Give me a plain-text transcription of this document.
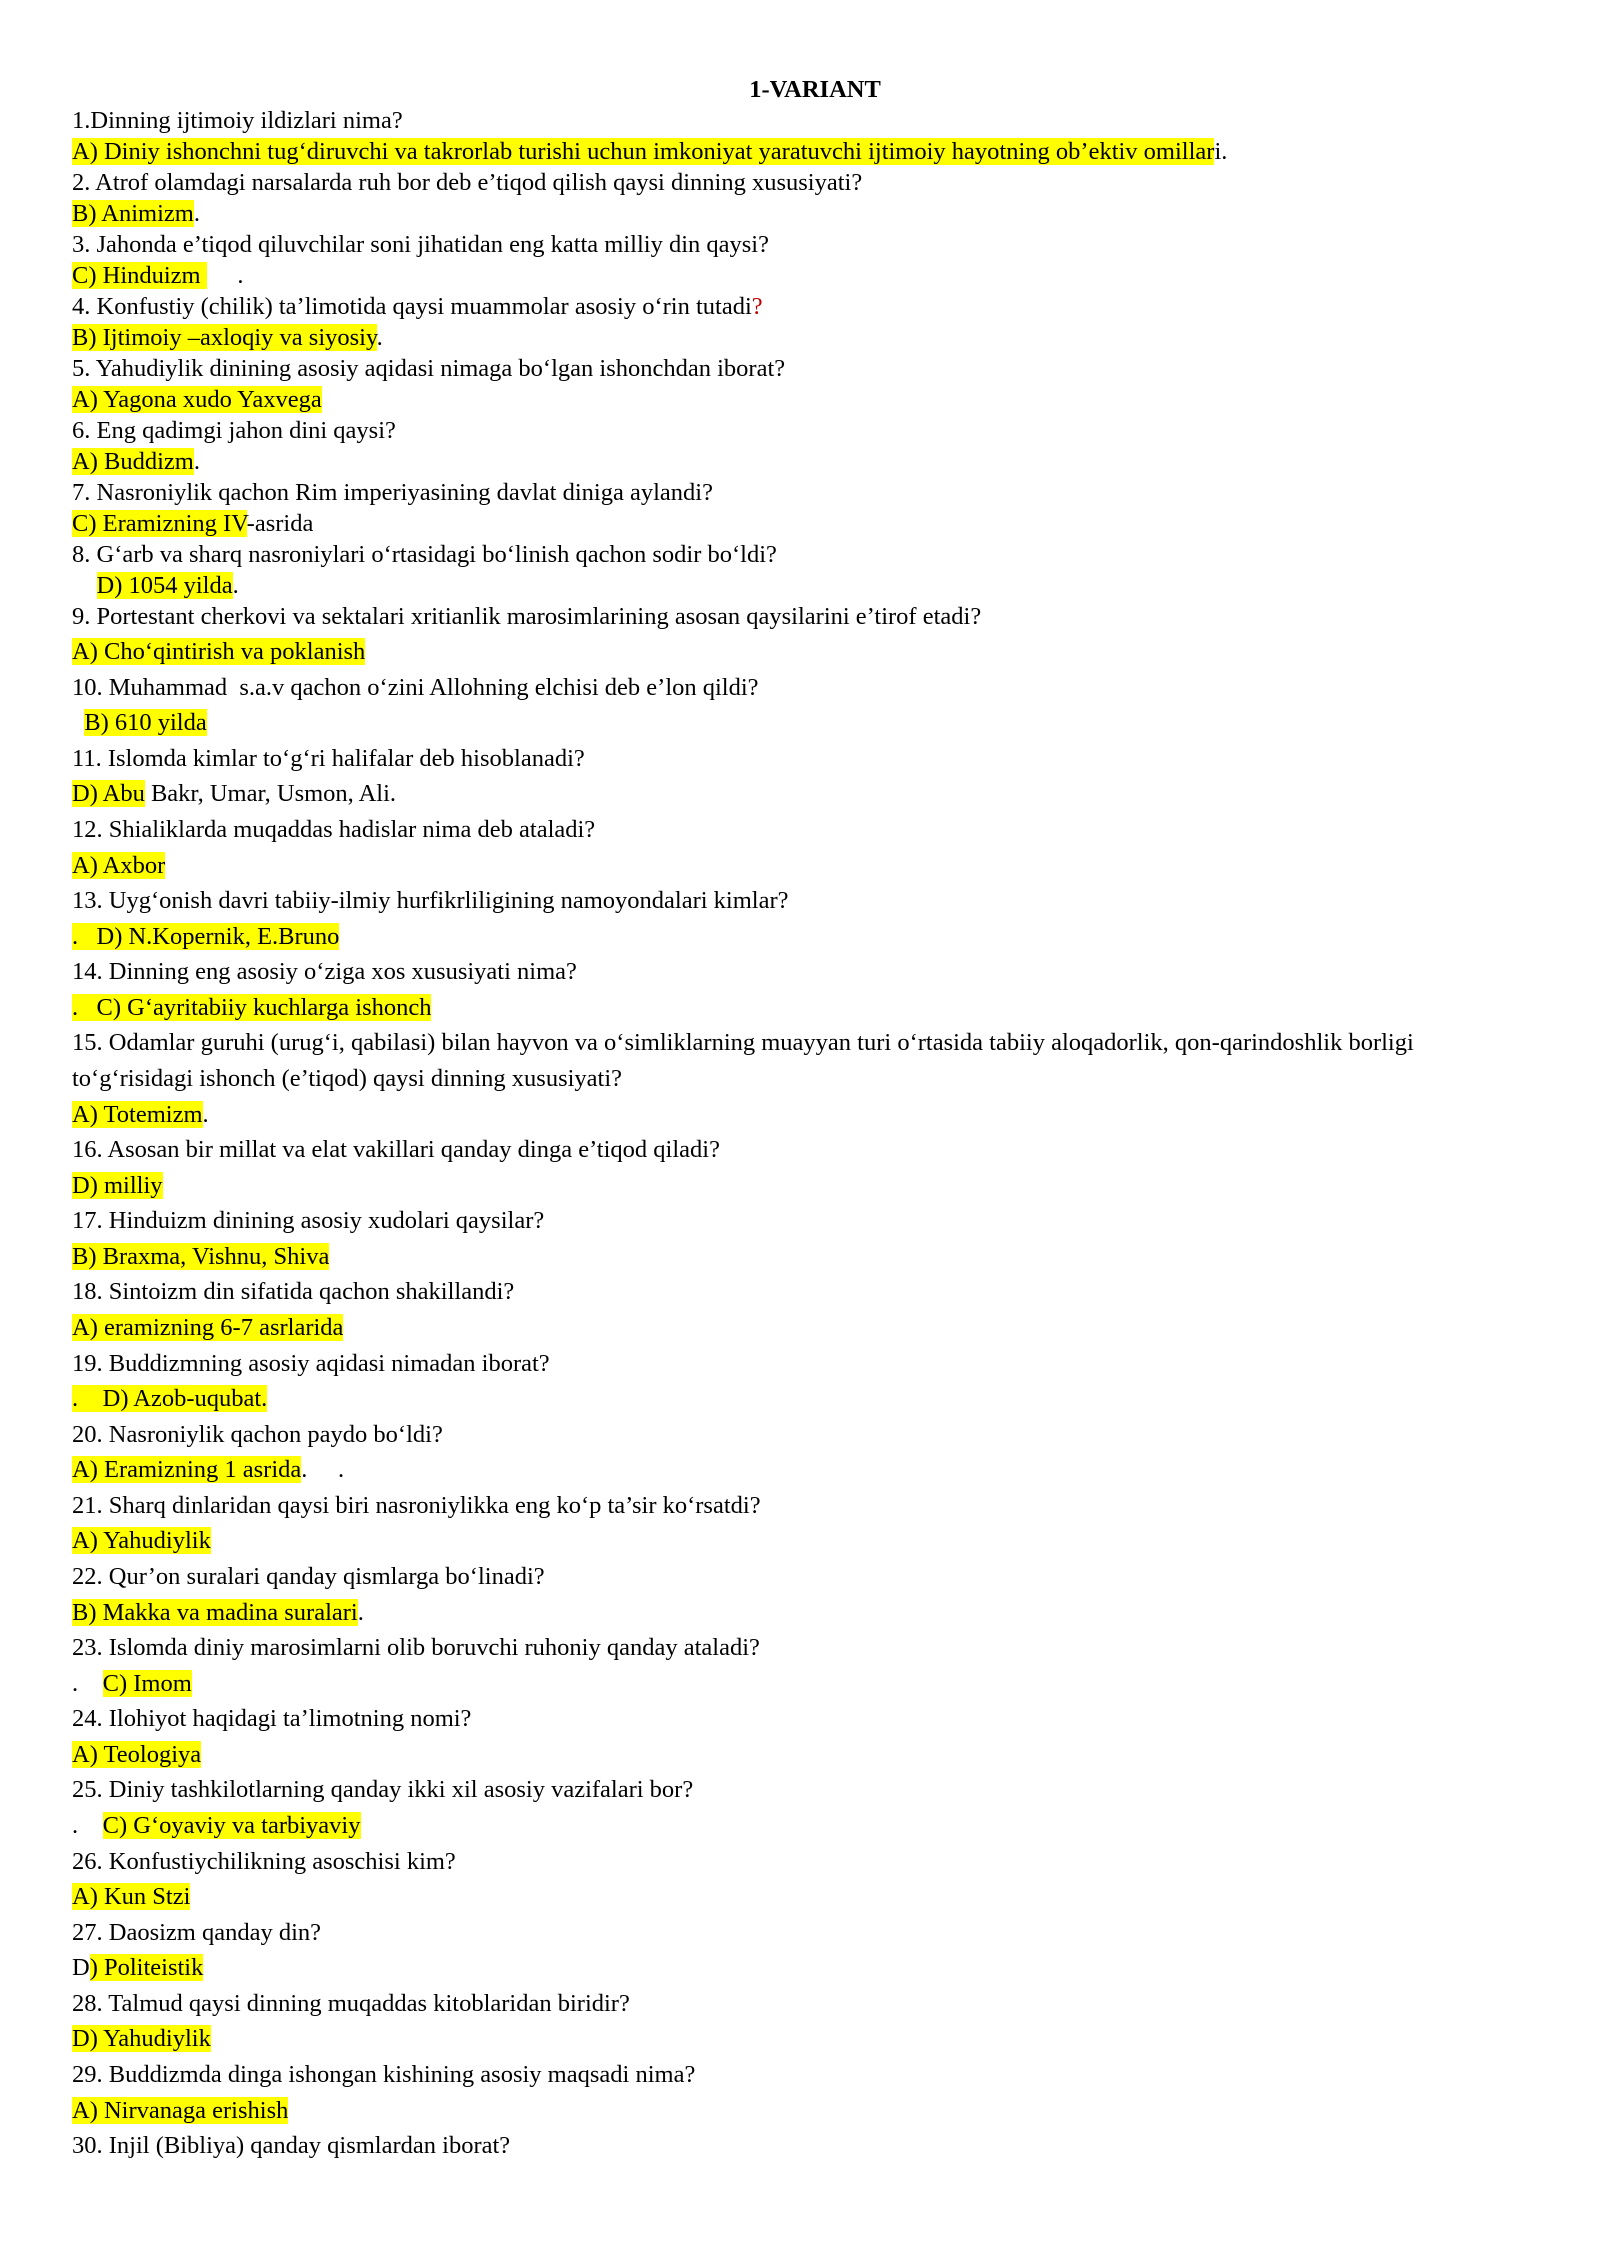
1-VARIANT
1.Dinning ijtimoiy ildizlari nima?
A) Diniy ishonchni tug‘diruvchi va takrorlab turishi uchun imkoniyat yaratuvchi ijtimoiy hayotning ob’ektiv omillari.
2. Atrof olamdagi narsalarda ruh bor deb e’tiqod qilish qaysi dinning xususiyati?
B) Animizm.
3. Jahonda e’tiqod qiluvchilar soni jihatidan eng katta milliy din qaysi?
C) Hinduizm      .
4. Konfustiy (chilik) ta’limotida qaysi muammolar asosiy o‘rin tutadi?
B) Ijtimoiy –axloqiy va siyosiy.
5. Yahudiylik dinining asosiy aqidasi nimaga bo‘lgan ishonchdan iborat?
A) Yagona xudo Yaxvega
6. Eng qadimgi jahon dini qaysi?
A) Buddizm.
7. Nasroniylik qachon Rim imperiyasining davlat diniga aylandi?
C) Eramizning IV-asrida
8. G‘arb va sharq nasroniylari o‘rtasidagi bo‘linish qachon sodir bo‘ldi?
D) 1054 yilda.
9. Portestant cherkovi va sektalari xritianlik marosimlarining asosan qaysilarini e’tirof etadi?
A) Cho‘qintirish va poklanish
10. Muhammad  s.a.v qachon o‘zini Allohning elchisi deb e’lon qildi?
B) 610 yilda
11. Islomda kimlar to‘g‘ri halifalar deb hisoblanadi?
D) Abu Bakr, Umar, Usmon, Ali.
12. Shialiklarda muqaddas hadislar nima deb ataladi?
A) Axbor
13. Uyg‘onish davri tabiiy-ilmiy hurfikrliligining namoyondalari kimlar?
.   D) N.Kopernik, E.Bruno
14. Dinning eng asosiy o‘ziga xos xususiyati nima?
.   C) G‘ayritabiiy kuchlarga ishonch
15. Odamlar guruhi (urug‘i, qabilasi) bilan hayvon va o‘simliklarning muayyan turi o‘rtasida tabiiy aloqadorlik, qon-qarindoshlik borligi
to‘g‘risidagi ishonch (e’tiqod) qaysi dinning xususiyati?
A) Totemizm.
16. Asosan bir millat va elat vakillari qanday dinga e’tiqod qiladi?
D) milliy
17. Hinduizm dinining asosiy xudolari qaysilar?
B) Braxma, Vishnu, Shiva
18. Sintoizm din sifatida qachon shakillandi?
A) eramizning 6-7 asrlarida
19. Buddizmning asosiy aqidasi nimadan iborat?
.    D) Azob-uqubat.
20. Nasroniylik qachon paydo bo‘ldi?
A) Eramizning 1 asrida.     .
21. Sharq dinlaridan qaysi biri nasroniylikka eng ko‘p ta’sir ko‘rsatdi?
A) Yahudiylik
22. Qur’on suralari qanday qismlarga bo‘linadi?
B) Makka va madina suralari.
23. Islomda diniy marosimlarni olib boruvchi ruhoniy qanday ataladi?
.    C) Imom
24. Ilohiyot haqidagi ta’limotning nomi?
A) Teologiya
25. Diniy tashkilotlarning qanday ikki xil asosiy vazifalari bor?
.    C) G‘oyaviy va tarbiyaviy
26. Konfustiychilikning asoschisi kim?
A) Kun Stzi
27. Daosizm qanday din?
D) Politeistik
28. Talmud qaysi dinning muqaddas kitoblaridan biridir?
D) Yahudiylik
29. Buddizmda dinga ishongan kishining asosiy maqsadi nima?
A) Nirvanaga erishish
30. Injil (Bibliya) qanday qismlardan iborat?
